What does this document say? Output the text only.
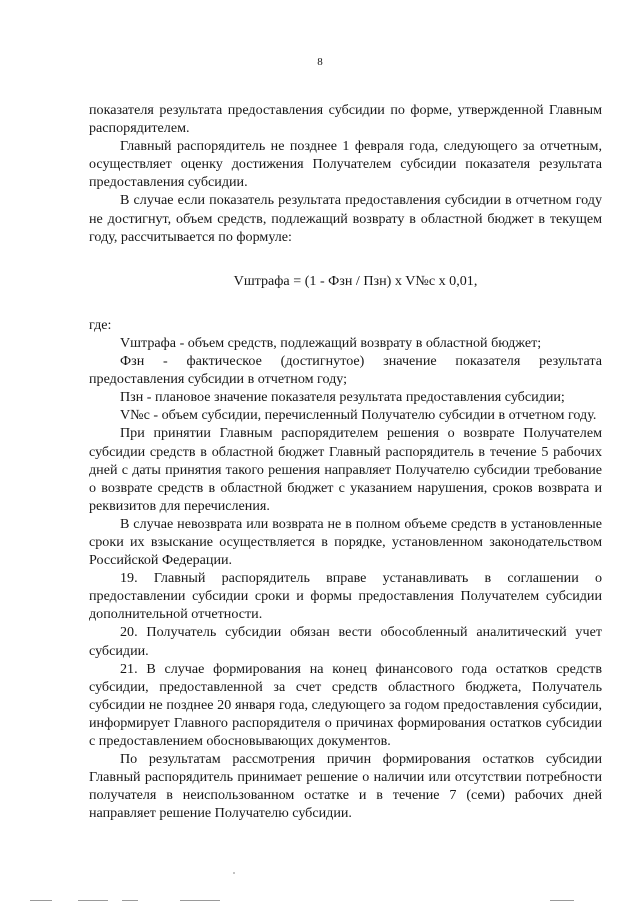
8

показателя результата предоставления субсидии по форме, утвержденной Главным распорядителем.

Главный распорядитель не позднее 1 февраля года, следующего за отчетным, осуществляет оценку достижения Получателем субсидии показателя результата предоставления субсидии.

В случае если показатель результата предоставления субсидии в отчетном году не достигнут, объем средств, подлежащий возврату в областной бюджет в текущем году, рассчитывается по формуле:

Vштрафа = (1 - Фзн / Пзн) x V№c x 0,01,

где:

Vштрафа - объем средств, подлежащий возврату в областной бюджет;

Фзн - фактическое (достигнутое) значение показателя результата предоставления субсидии в отчетном году;

Пзн - плановое значение показателя результата предоставления субсидии;

V№c - объем субсидии, перечисленный Получателю субсидии в отчетном году.

При принятии Главным распорядителем решения о возврате Получателем субсидии средств в областной бюджет Главный распорядитель в течение 5 рабочих дней с даты принятия такого решения направляет Получателю субсидии требование о возврате средств в областной бюджет с указанием нарушения, сроков возврата и реквизитов для перечисления.

В случае невозврата или возврата не в полном объеме средств в установленные сроки их взыскание осуществляется в порядке, установленном законодательством Российской Федерации.

19. Главный распорядитель вправе устанавливать в соглашении о предоставлении субсидии сроки и формы предоставления Получателем субсидии дополнительной отчетности.

20. Получатель субсидии обязан вести обособленный аналитический учет субсидии.

21. В случае формирования на конец финансового года остатков средств субсидии, предоставленной за счет средств областного бюджета, Получатель субсидии не позднее 20 января года, следующего за годом предоставления субсидии, информирует Главного распорядителя о причинах формирования остатков субсидии с предоставлением обосновывающих документов.

По результатам рассмотрения причин формирования остатков субсидии Главный распорядитель принимает решение о наличии или отсутствии потребности получателя в неиспользованном остатке и в течение 7 (семи) рабочих дней направляет решение Получателю субсидии.
